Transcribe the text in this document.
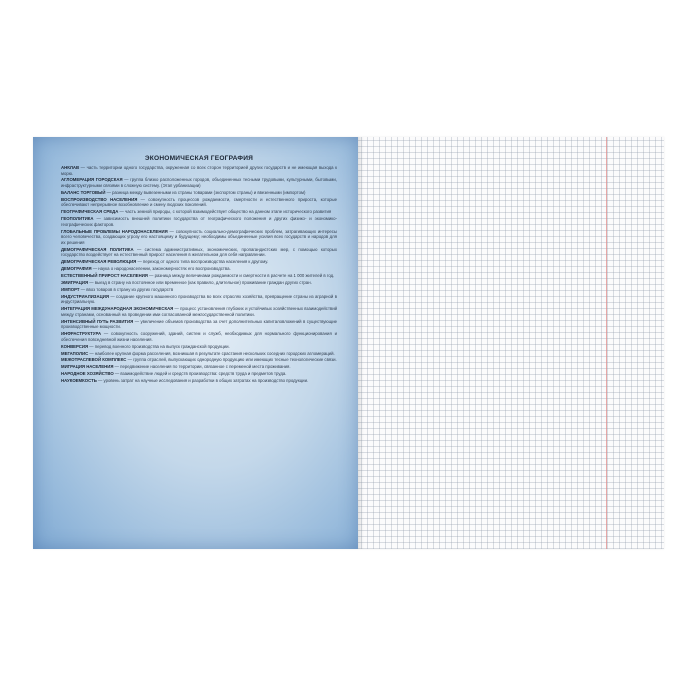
ЭКОНОМИЧЕСКАЯ ГЕОГРАФИЯ
АНКЛАВ — часть территории одного государства, окруженная со всех сторон территорией других государств и не имеющая выхода к морю.
АГЛОМЕРАЦИЯ ГОРОДСКАЯ — группа близко расположенных городов, объединенных тесными трудовыми, культурными, бытовыми, инфраструктурными связями в сложную систему. (Этап урбанизации)
БАЛАНС ТОРГОВЫЙ — разница между вывезенными из страны товарами (экспортом страны) и ввезенными (импортом)
ВОСПРОИЗВОДСТВО НАСЕЛЕНИЯ — совокупность процессов рождаемости, смертности и естественного прироста, которые обеспечивают непрерывное возобновление и смену людских поколений.
ГЕОГРАФИЧЕСКАЯ СРЕДА — часть земной природы, с которой взаимодействует общество на данном этапе исторического развития
ГЕОПОЛИТИКА — зависимость внешней политики государства от географического положения и других физико- и экономико-географических факторов.
ГЛОБАЛЬНЫЕ ПРОБЛЕМЫ НАРОДОНАСЕЛЕНИЯ — совокупность социально-демографических проблем, затрагивающих интересы всего человечества, создающих угрозу его настоящему и будущему; необходимы объединенные усилия всех государств и народов для их решения
ДЕМОГРАФИЧЕСКАЯ ПОЛИТИКА — система административных, экономических, пропагандистских мер, с помощью которых государство воздействует на естественный прирост населения в желательном для себя направлении.
ДЕМОГРАФИЧЕСКАЯ РЕВОЛЮЦИЯ — переход от одного типа воспроизводства населения к другому.
ДЕМОГРАФИЯ — наука о народонаселении, закономерностях его воспроизводства.
ЕСТЕСТВЕННЫЙ ПРИРОСТ НАСЕЛЕНИЯ — разница между величинами рождаемости и смертности в расчете на 1 000 жителей в год.
ЭМИГРАЦИЯ — выезд в страну на постоянное или временное (как правило, длительное) проживание граждан других стран.
ИМПОРТ — ввоз товаров в страну из других государств
ИНДУСТРИАЛИЗАЦИЯ — создание крупного машинного производства во всех отраслях хозяйства, превращение страны из аграрной в индустриальную.
ИНТЕГРАЦИЯ МЕЖДУНАРОДНАЯ ЭКОНОМИЧЕСКАЯ — процесс установления глубоких и устойчивых хозяйственных взаимодействий между странами, основанный на проведении ими согласованной межгосударственной политики.
ИНТЕНСИВНЫЙ ПУТЬ РАЗВИТИЯ — увеличение объемов производства за счет дополнительных капиталовложений в существующие производственные мощности.
ИНФРАСТРУКТУРА — совокупность сооружений, зданий, систем и служб, необходимых для нормального функционирования и обеспечения повседневной жизни населения.
КОНВЕРСИЯ — перевод военного производства на выпуск гражданской продукции.
МЕГАПОЛИС — наиболее крупная форма расселения, возникшая в результате срастания нескольких соседних городских агломераций.
МЕЖОТРАСЛЕВОЙ КОМПЛЕКС — группа отраслей, выпускающих однородную продукцию или имеющих тесные технологические связи.
МИГРАЦИЯ НАСЕЛЕНИЯ — передвижение населения по территории, связанное с переменой места проживания.
НАРОДНОЕ ХОЗЯЙСТВО — взаимодействие людей и средств производства: средств труда и предметов труда.
НАУКОЕМКОСТЬ — уровень затрат на научные исследования и разработки в общих затратах на производство продукции.
